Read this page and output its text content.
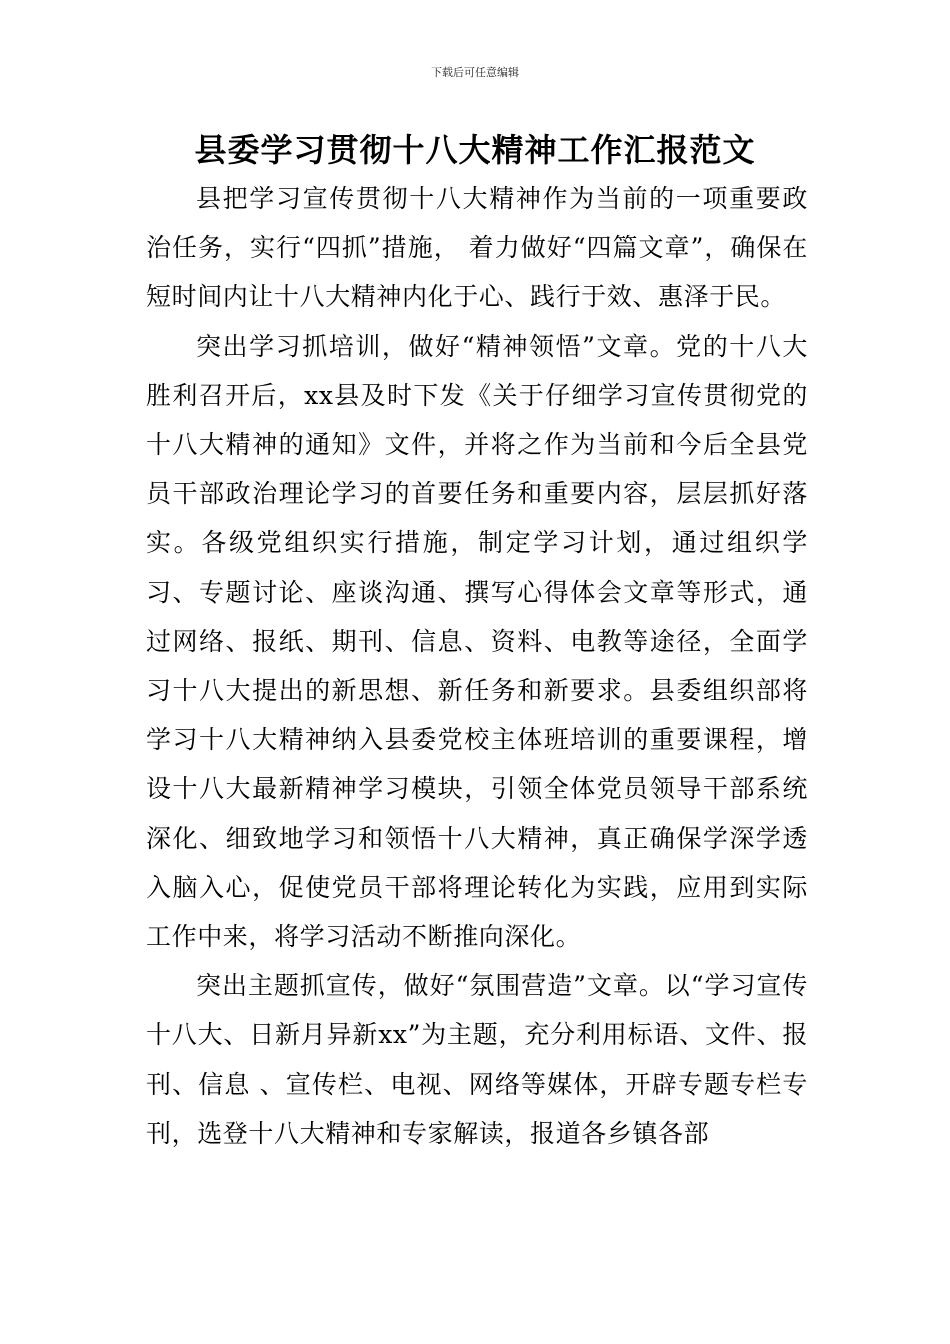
下载后可任意编辑
县委学习贯彻十八大精神工作汇报范文

县把学习宣传贯彻十八大精神作为当前的一项重要政治任务，实行“四抓”措施， 着力做好“四篇文章”，确保在短时间内让十八大精神内化于心、践行于效、惠泽于民。

突出学习抓培训，做好“精神领悟”文章。党的十八大胜利召开后，xx县及时下发《关于仔细学习宣传贯彻党的十八大精神的通知》文件，并将之作为当前和今后全县党员干部政治理论学习的首要任务和重要内容，层层抓好落实。各级党组织实行措施，制定学习计划，通过组织学习、专题讨论、座谈沟通、撰写心得体会文章等形式，通过网络、报纸、期刊、信息、资料、电教等途径，全面学习十八大提出的新思想、新任务和新要求。县委组织部将学习十八大精神纳入县委党校主体班培训的重要课程，增设十八大最新精神学习模块，引领全体党员领导干部系统深化、细致地学习和领悟十八大精神，真正确保学深学透入脑入心，促使党员干部将理论转化为实践，应用到实际工作中来，将学习活动不断推向深化。

突出主题抓宣传，做好“氛围营造”文章。以“学习宣传十八大、日新月异新xx”为主题，充分利用标语、文件、报刊、信息 、宣传栏、电视、网络等媒体，开辟专题专栏专刊，选登十八大精神和专家解读，报道各乡镇各部
